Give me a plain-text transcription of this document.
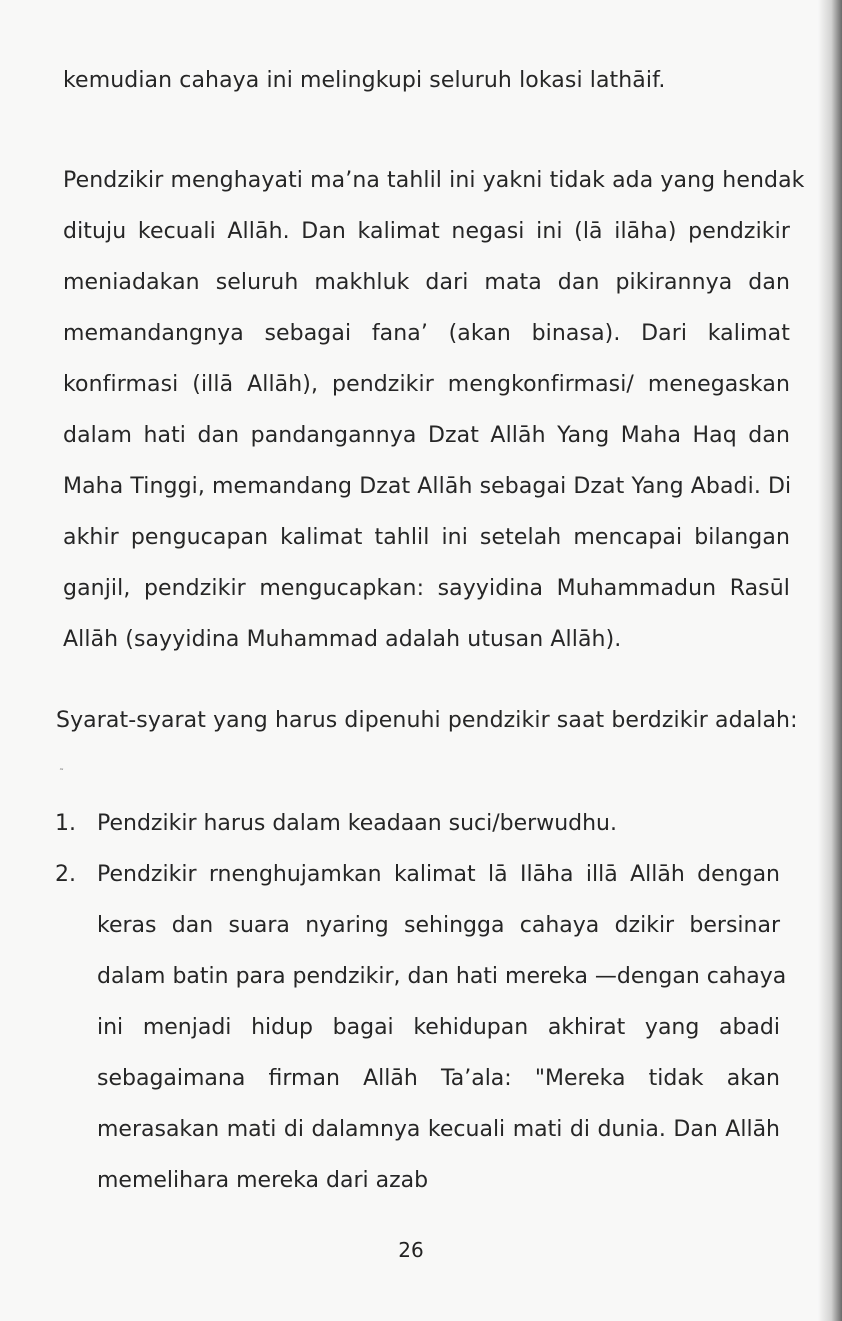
kemudian cahaya ini melingkupi seluruh lokasi lathāif.
Pendzikir menghayati ma’na tahlil ini yakni tidak ada yang hendak
dituju kecuali Allāh. Dan kalimat negasi ini (lā ilāha) pendzikir
meniadakan seluruh makhluk dari mata dan pikirannya dan
memandangnya sebagai fana’ (akan binasa). Dari kalimat
konfirmasi (illā Allāh), pendzikir mengkonfirmasi/ menegaskan
dalam hati dan pandangannya Dzat Allāh Yang Maha Haq dan
Maha Tinggi, memandang Dzat Allāh sebagai Dzat Yang Abadi. Di
akhir pengucapan kalimat tahlil ini setelah mencapai bilangan
ganjil, pendzikir mengucapkan: sayyidina Muhammadun Rasūl
Allāh (sayyidina Muhammad adalah utusan Allāh).
Syarat-syarat yang harus dipenuhi pendzikir saat berdzikir adalah:
˜
1. Pendzikir harus dalam keadaan suci/berwudhu.
2. Pendzikir rnenghujamkan kalimat lā Ilāha illā Allāh dengan
keras dan suara nyaring sehingga cahaya dzikir bersinar
dalam batin para pendzikir, dan hati mereka —dengan cahaya
ini menjadi hidup bagai kehidupan akhirat yang abadi
sebagaimana firman Allāh Ta’ala: "Mereka tidak akan
merasakan mati di dalamnya kecuali mati di dunia. Dan Allāh
memelihara mereka dari azab
26
